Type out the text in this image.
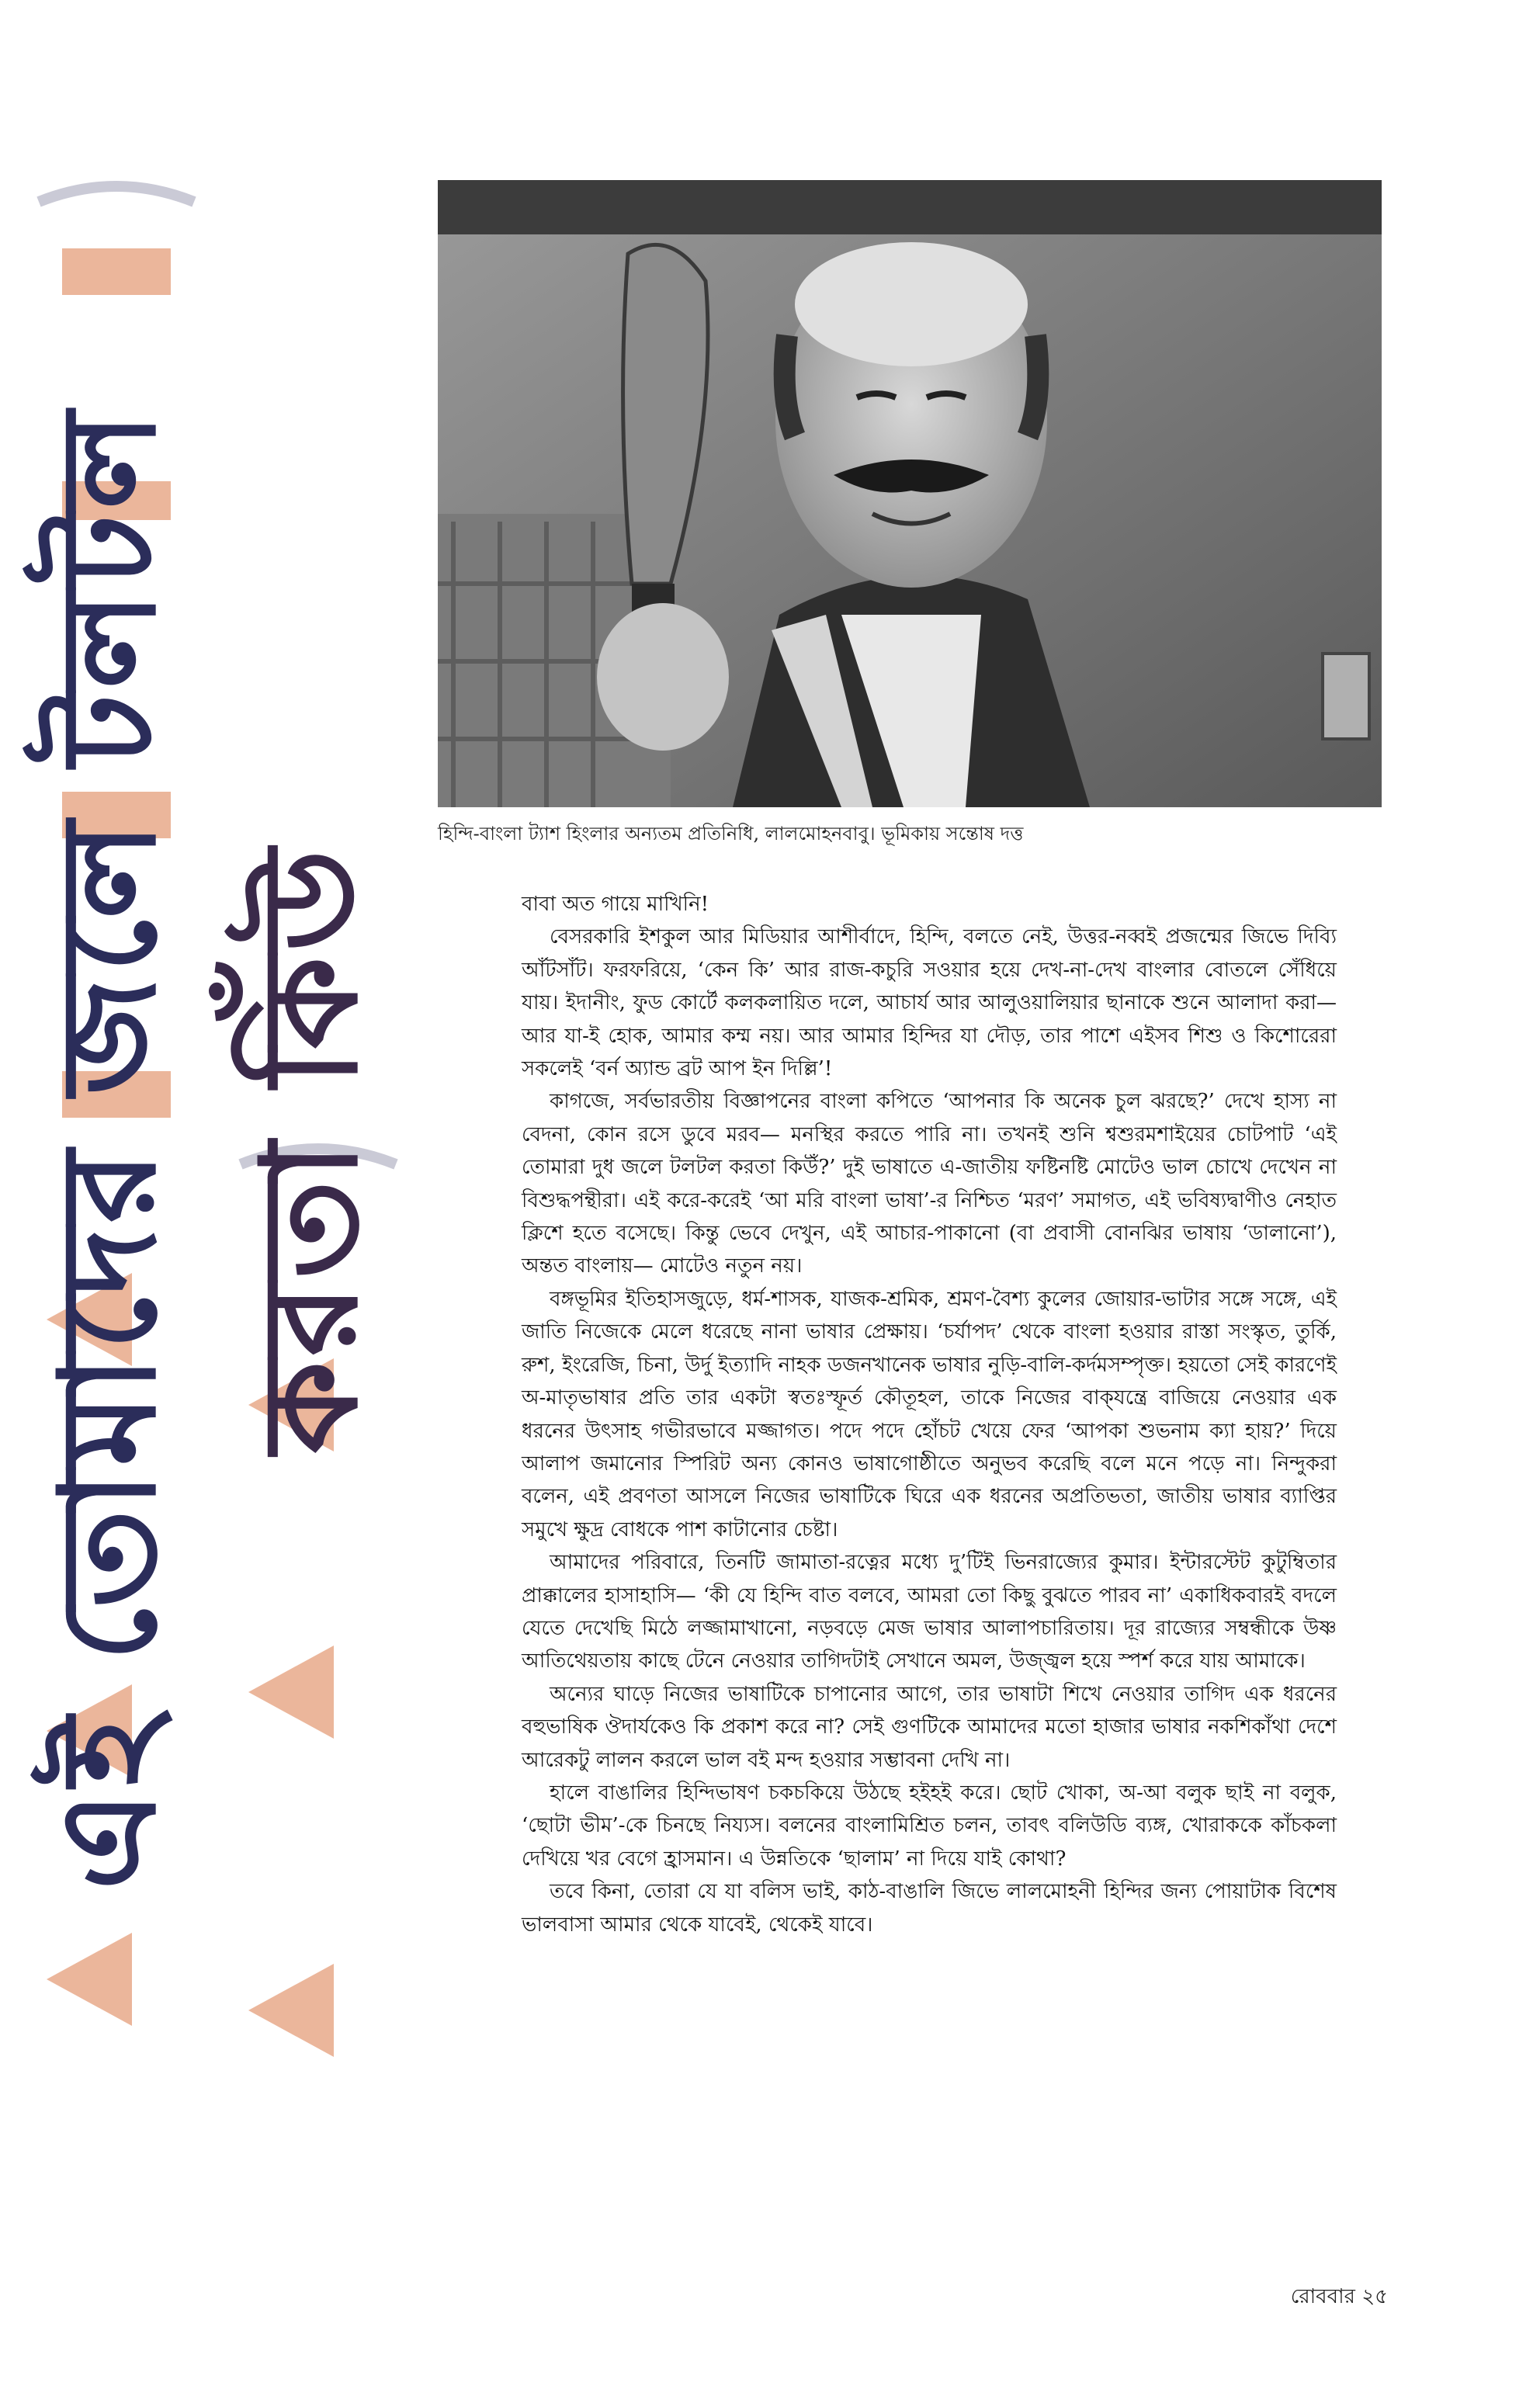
এই তোমাদের জলে টলটল করতা কিঁউ
হিন্দি-বাংলা ট্যাশ হিংলার অন্যতম প্রতিনিধি, লালমোহনবাবু। ভূমিকায় সন্তোষ দত্ত

বাবা অত গায়ে মাখিনি!

বেসরকারি ইশকুল আর মিডিয়ার আশীর্বাদে, হিন্দি, বলতে নেই, উত্তর-নব্বই প্রজন্মের জিভে দিব্যি আঁটসাঁট। ফরফরিয়ে, ‘কেন কি’ আর রাজ-কচুরি সওয়ার হয়ে দেখ-না-দেখ বাংলার বোতলে সেঁধিয়ে যায়। ইদানীং, ফুড কোর্টে কলকলায়িত দলে, আচার্য আর আলুওয়ালিয়ার ছানাকে শুনে আলাদা করা— আর যা-ই হোক, আমার কম্ম নয়। আর আমার হিন্দির যা দৌড়, তার পাশে এইসব শিশু ও কিশোরেরা সকলেই ‘বর্ন অ্যান্ড ব্রট আপ ইন দিল্লি’!

কাগজে, সর্বভারতীয় বিজ্ঞাপনের বাংলা কপিতে ‘আপনার কি অনেক চুল ঝরছে?’ দেখে হাস্য না বেদনা, কোন রসে ডুবে মরব— মনস্থির করতে পারি না। তখনই শুনি শ্বশুরমশাইয়ের চোটপাট ‘এই তোমারা দুধ জলে টলটল করতা কিউঁ?’ দুই ভাষাতে এ-জাতীয় ফষ্টিনষ্টি মোটেও ভাল চোখে দেখেন না বিশুদ্ধপন্থীরা। এই করে-করেই ‘আ মরি বাংলা ভাষা’-র নিশ্চিত ‘মরণ’ সমাগত, এই ভবিষ্যদ্বাণীও নেহাত ক্লিশে হতে বসেছে। কিন্তু ভেবে দেখুন, এই আচার-পাকানো (বা প্রবাসী বোনঝির ভাষায় ‘ডালানো’), অন্তত বাংলায়— মোটেও নতুন নয়।

বঙ্গভূমির ইতিহাসজুড়ে, ধর্ম-শাসক, যাজক-শ্রমিক, শ্রমণ-বৈশ্য কুলের জোয়ার-ভাটার সঙ্গে সঙ্গে, এই জাতি নিজেকে মেলে ধরেছে নানা ভাষার প্রেক্ষায়। ‘চর্যাপদ’ থেকে বাংলা হওয়ার রাস্তা সংস্কৃত, তুর্কি, রুশ, ইংরেজি, চিনা, উর্দু ইত্যাদি নাহক ডজনখানেক ভাষার নুড়ি-বালি-কর্দমসম্পৃক্ত। হয়তো সেই কারণেই অ-মাতৃভাষার প্রতি তার একটা স্বতঃস্ফূর্ত কৌতূহল, তাকে নিজের বাক্‌যন্ত্রে বাজিয়ে নেওয়ার এক ধরনের উৎসাহ গভীরভাবে মজ্জাগত। পদে পদে হোঁচট খেয়ে ফের ‘আপকা শুভনাম ক্যা হায়?’ দিয়ে আলাপ জমানোর স্পিরিট অন্য কোনও ভাষাগোষ্ঠীতে অনুভব করেছি বলে মনে পড়ে না। নিন্দুকরা বলেন, এই প্রবণতা আসলে নিজের ভাষাটিকে ঘিরে এক ধরনের অপ্রতিভতা, জাতীয় ভাষার ব্যাপ্তির সমুখে ক্ষুদ্র বোধকে পাশ কাটানোর চেষ্টা।

আমাদের পরিবারে, তিনটি জামাতা-রত্নের মধ্যে দু’টিই ভিনরাজ্যের কুমার। ইন্টারস্টেট কুটুম্বিতার প্রাক্কালের হাসাহাসি— ‘কী যে হিন্দি বাত বলবে, আমরা তো কিছু বুঝতে পারব না’ একাধিকবারই বদলে যেতে দেখেছি মিঠে লজ্জামাখানো, নড়বড়ে মেজ ভাষার আলাপচারিতায়। দূর রাজ্যের সম্বন্ধীকে উষ্ণ আতিথেয়তায় কাছে টেনে নেওয়ার তাগিদটাই সেখানে অমল, উজ্জ্বল হয়ে স্পর্শ করে যায় আমাকে।

অন্যের ঘাড়ে নিজের ভাষাটিকে চাপানোর আগে, তার ভাষাটা শিখে নেওয়ার তাগিদ এক ধরনের বহুভাষিক ঔদার্যকেও কি প্রকাশ করে না? সেই গুণটিকে আমাদের মতো হাজার ভাষার নকশিকাঁথা দেশে আরেকটু লালন করলে ভাল বই মন্দ হওয়ার সম্ভাবনা দেখি না।

হালে বাঙালির হিন্দিভাষণ চকচকিয়ে উঠছে হইহই করে। ছোট খোকা, অ-আ বলুক ছাই না বলুক, ‘ছোটা ভীম’-কে চিনছে নিয্যস। বলনের বাংলামিশ্রিত চলন, তাবৎ বলিউডি ব্যঙ্গ, খোরাককে কাঁচকলা দেখিয়ে খর বেগে হ্রাসমান। এ উন্নতিকে ‘ছালাম’ না দিয়ে যাই কোথা?

তবে কিনা, তোরা যে যা বলিস ভাই, কাঠ-বাঙালি জিভে লালমোহনী হিন্দির জন্য পোয়াটাক বিশেষ ভালবাসা আমার থেকে যাবেই, থেকেই যাবে।

রোববার ২৫
